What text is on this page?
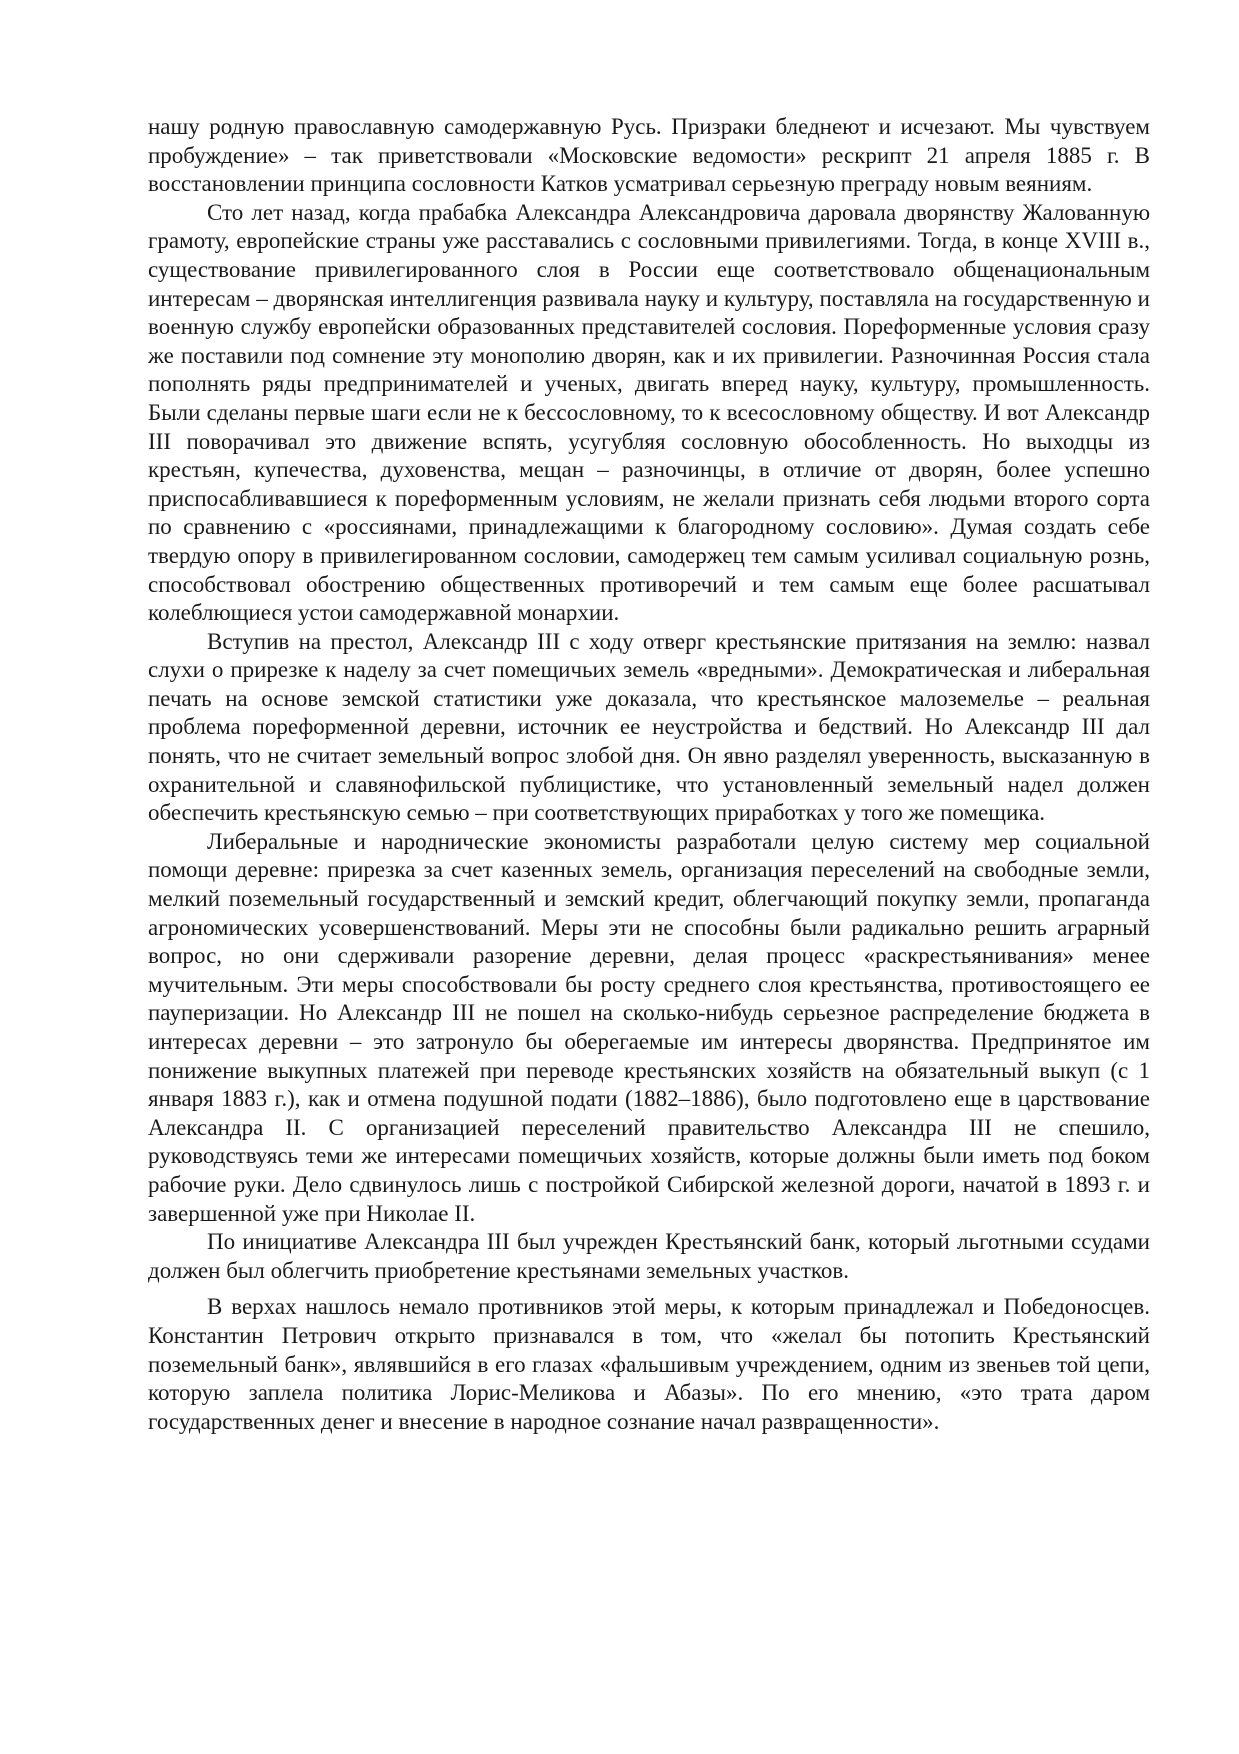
нашу родную православную самодержавную Русь. Призраки бледнеют и исчезают. Мы чувствуем пробуждение» – так приветствовали «Московские ведомости» рескрипт 21 апреля 1885 г. В восстановлении принципа сословности Катков усматривал серьезную преграду новым веяниям.

Сто лет назад, когда прабабка Александра Александровича даровала дворянству Жалованную грамоту, европейские страны уже расставались с сословными привилегиями. Тогда, в конце XVIII в., существование привилегированного слоя в России еще соответствовало общенациональным интересам – дворянская интеллигенция развивала науку и культуру, поставляла на государственную и военную службу европейски образованных представителей сословия. Пореформенные условия сразу же поставили под сомнение эту монополию дворян, как и их привилегии. Разночинная Россия стала пополнять ряды предпринимателей и ученых, двигать вперед науку, культуру, промышленность. Были сделаны первые шаги если не к бессословному, то к всесословному обществу. И вот Александр III поворачивал это движение вспять, усугубляя сословную обособленность. Но выходцы из крестьян, купечества, духовенства, мещан – разночинцы, в отличие от дворян, более успешно приспосабливавшиеся к пореформенным условиям, не желали признать себя людьми второго сорта по сравнению с «россиянами, принадлежащими к благородному сословию». Думая создать себе твердую опору в привилегированном сословии, самодержец тем самым усиливал социальную рознь, способствовал обострению общественных противоречий и тем самым еще более расшатывал колеблющиеся устои самодержавной монархии.

Вступив на престол, Александр III с ходу отверг крестьянские притязания на землю: назвал слухи о прирезке к наделу за счет помещичьих земель «вредными». Демократическая и либеральная печать на основе земской статистики уже доказала, что крестьянское малоземелье – реальная проблема пореформенной деревни, источник ее неустройства и бедствий. Но Александр III дал понять, что не считает земельный вопрос злобой дня. Он явно разделял уверенность, высказанную в охранительной и славянофильской публицистике, что установленный земельный надел должен обеспечить крестьянскую семью – при соответствующих приработках у того же помещика.

Либеральные и народнические экономисты разработали целую систему мер социальной помощи деревне: прирезка за счет казенных земель, организация переселений на свободные земли, мелкий поземельный государственный и земский кредит, облегчающий покупку земли, пропаганда агрономических усовершенствований. Меры эти не способны были радикально решить аграрный вопрос, но они сдерживали разорение деревни, делая процесс «раскрестьянивания» менее мучительным. Эти меры способствовали бы росту среднего слоя крестьянства, противостоящего ее пауперизации. Но Александр III не пошел на сколько-нибудь серьезное распределение бюджета в интересах деревни – это затронуло бы оберегаемые им интересы дворянства. Предпринятое им понижение выкупных платежей при переводе крестьянских хозяйств на обязательный выкуп (с 1 января 1883 г.), как и отмена подушной подати (1882–1886), было подготовлено еще в царствование Александра II. С организацией переселений правительство Александра III не спешило, руководствуясь теми же интересами помещичьих хозяйств, которые должны были иметь под боком рабочие руки. Дело сдвинулось лишь с постройкой Сибирской железной дороги, начатой в 1893 г. и завершенной уже при Николае II.

По инициативе Александра III был учрежден Крестьянский банк, который льготными ссудами должен был облегчить приобретение крестьянами земельных участков.

В верхах нашлось немало противников этой меры, к которым принадлежал и Победоносцев. Константин Петрович открыто признавался в том, что «желал бы потопить Крестьянский поземельный банк», являвшийся в его глазах «фальшивым учреждением, одним из звеньев той цепи, которую заплела политика Лорис-Меликова и Абазы». По его мнению, «это трата даром государственных денег и внесение в народное сознание начал развращенности».
